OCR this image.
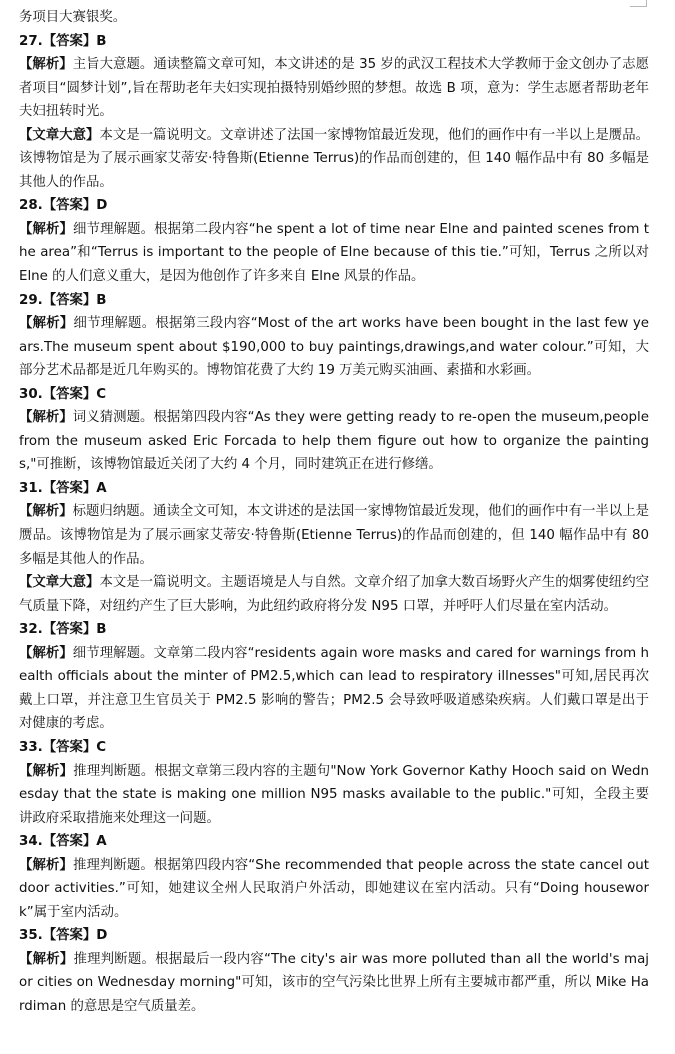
务项目大赛银奖。

27.【答案】B

【解析】主旨大意题。通读整篇文章可知，本文讲述的是 35 岁的武汉工程技术大学教师于金文创办了志愿者项目“圆梦计划”,旨在帮助老年夫妇实现拍摄特别婚纱照的梦想。故选 B 项，意为：学生志愿者帮助老年夫妇扭转时光。

【文章大意】本文是一篇说明文。文章讲述了法国一家博物馆最近发现，他们的画作中有一半以上是赝品。该博物馆是为了展示画家艾蒂安·特鲁斯(Etienne Terrus)的作品而创建的，但 140 幅作品中有 80 多幅是其他人的作品。

28.【答案】D

【解析】细节理解题。根据第二段内容“he spent a lot of time near Elne and painted scenes from the area”和“Terrus is important to the people of Elne because of this tie.”可知，Terrus 之所以对 Elne 的人们意义重大，是因为他创作了许多来自 Elne 风景的作品。

29.【答案】B

【解析】细节理解题。根据第三段内容“Most of the art works have been bought in the last few years.The museum spent about $190,000 to buy paintings,drawings,and water colour.”可知，大部分艺术品都是近几年购买的。博物馆花费了大约 19 万美元购买油画、素描和水彩画。

30.【答案】C

【解析】词义猜测题。根据第四段内容“As they were getting ready to re-open the museum,people from the museum asked Eric Forcada to help them figure out how to organize the paintings,"可推断，该博物馆最近关闭了大约 4 个月，同时建筑正在进行修缮。

31.【答案】A

【解析】标题归纳题。通读全文可知，本文讲述的是法国一家博物馆最近发现，他们的画作中有一半以上是赝品。该博物馆是为了展示画家艾蒂安·特鲁斯(Etienne Terrus)的作品而创建的，但 140 幅作品中有 80 多幅是其他人的作品。

【文章大意】本文是一篇说明文。主题语境是人与自然。文章介绍了加拿大数百场野火产生的烟雾使纽约空气质量下降，对纽约产生了巨大影响，为此纽约政府将分发 N95 口罩，并呼吁人们尽量在室内活动。

32.【答案】B

【解析】细节理解题。文章第二段内容“residents again wore masks and cared for warnings from health officials about the minter of PM2.5,which can lead to respiratory illnesses"可知,居民再次戴上口罩，并注意卫生官员关于 PM2.5 影响的警告；PM2.5 会导致呼吸道感染疾病。人们戴口罩是出于对健康的考虑。

33.【答案】C

【解析】推理判断题。根据文章第三段内容的主题句"Now York Governor Kathy Hooch said on Wednesday that the state is making one million N95 masks available to the public."可知，全段主要讲政府采取措施来处理这一问题。

34.【答案】A

【解析】推理判断题。根据第四段内容“She recommended that people across the state cancel outdoor activities.”可知，她建议全州人民取消户外活动，即她建议在室内活动。只有“Doing housework”属于室内活动。

35.【答案】D

【解析】推理判断题。根据最后一段内容“The city's air was more polluted than all the world's major cities on Wednesday morning"可知，该市的空气污染比世界上所有主要城市都严重，所以 Mike Hardiman 的意思是空气质量差。
